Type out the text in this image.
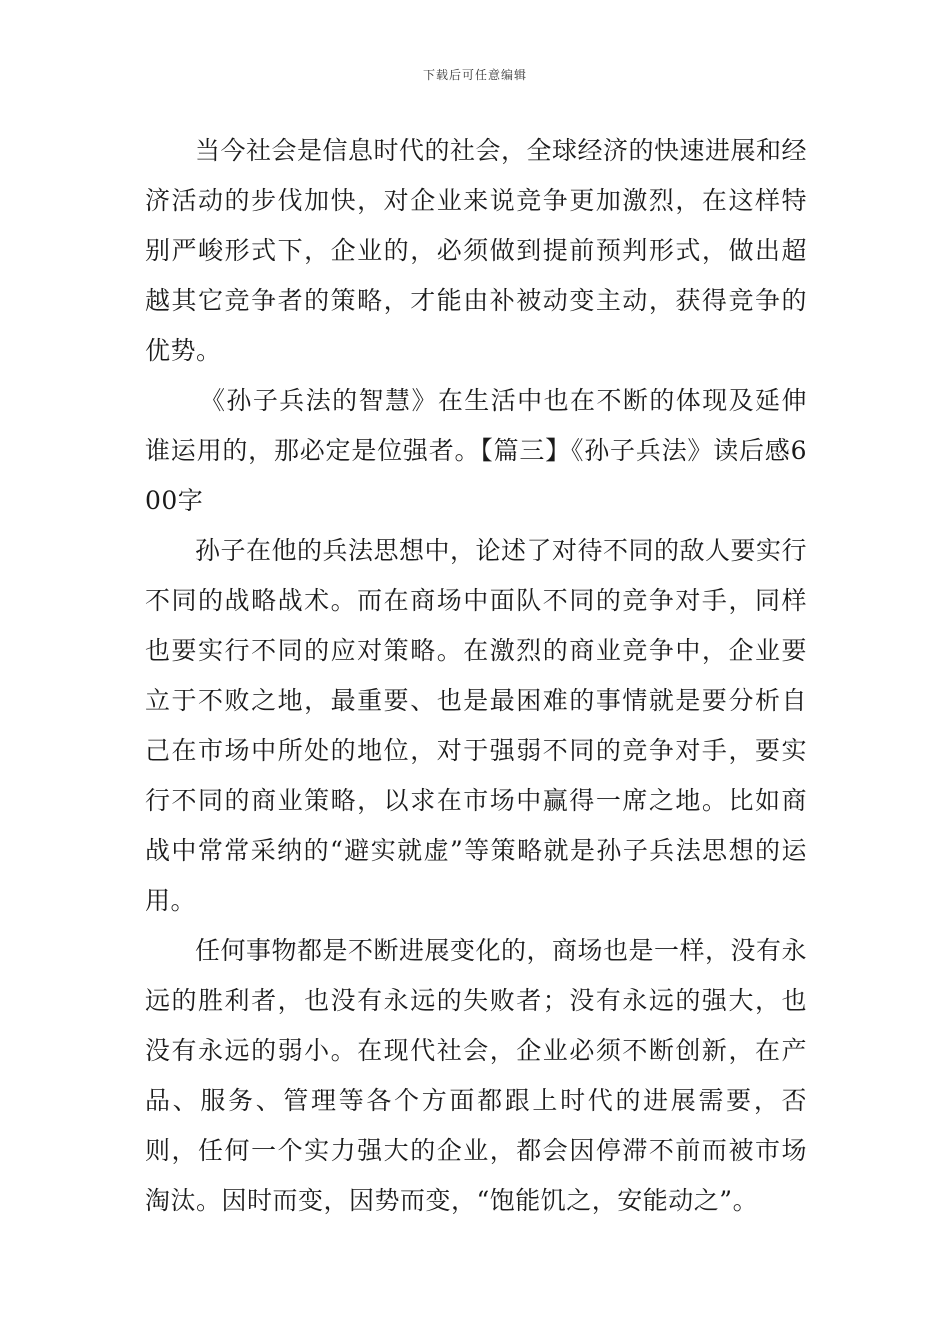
下载后可任意编辑

当今社会是信息时代的社会，全球经济的快速进展和经济活动的步伐加快，对企业来说竞争更加激烈，在这样特别严峻形式下，企业的，必须做到提前预判形式，做出超越其它竞争者的策略，才能由补被动变主动，获得竞争的优势。

《孙子兵法的智慧》在生活中也在不断的体现及延伸谁运用的，那必定是位强者。【篇三】《孙子兵法》读后感600字

孙子在他的兵法思想中，论述了对待不同的敌人要实行不同的战略战术。而在商场中面队不同的竞争对手，同样也要实行不同的应对策略。在激烈的商业竞争中，企业要立于不败之地，最重要、也是最困难的事情就是要分析自己在市场中所处的地位，对于强弱不同的竞争对手，要实行不同的商业策略，以求在市场中赢得一席之地。比如商战中常常采纳的“避实就虚”等策略就是孙子兵法思想的运用。

任何事物都是不断进展变化的，商场也是一样，没有永远的胜利者，也没有永远的失败者；没有永远的强大，也没有永远的弱小。在现代社会，企业必须不断创新，在产品、服务、管理等各个方面都跟上时代的进展需要，否则，任何一个实力强大的企业，都会因停滞不前而被市场淘汰。因时而变，因势而变，“饱能饥之，安能动之”。
